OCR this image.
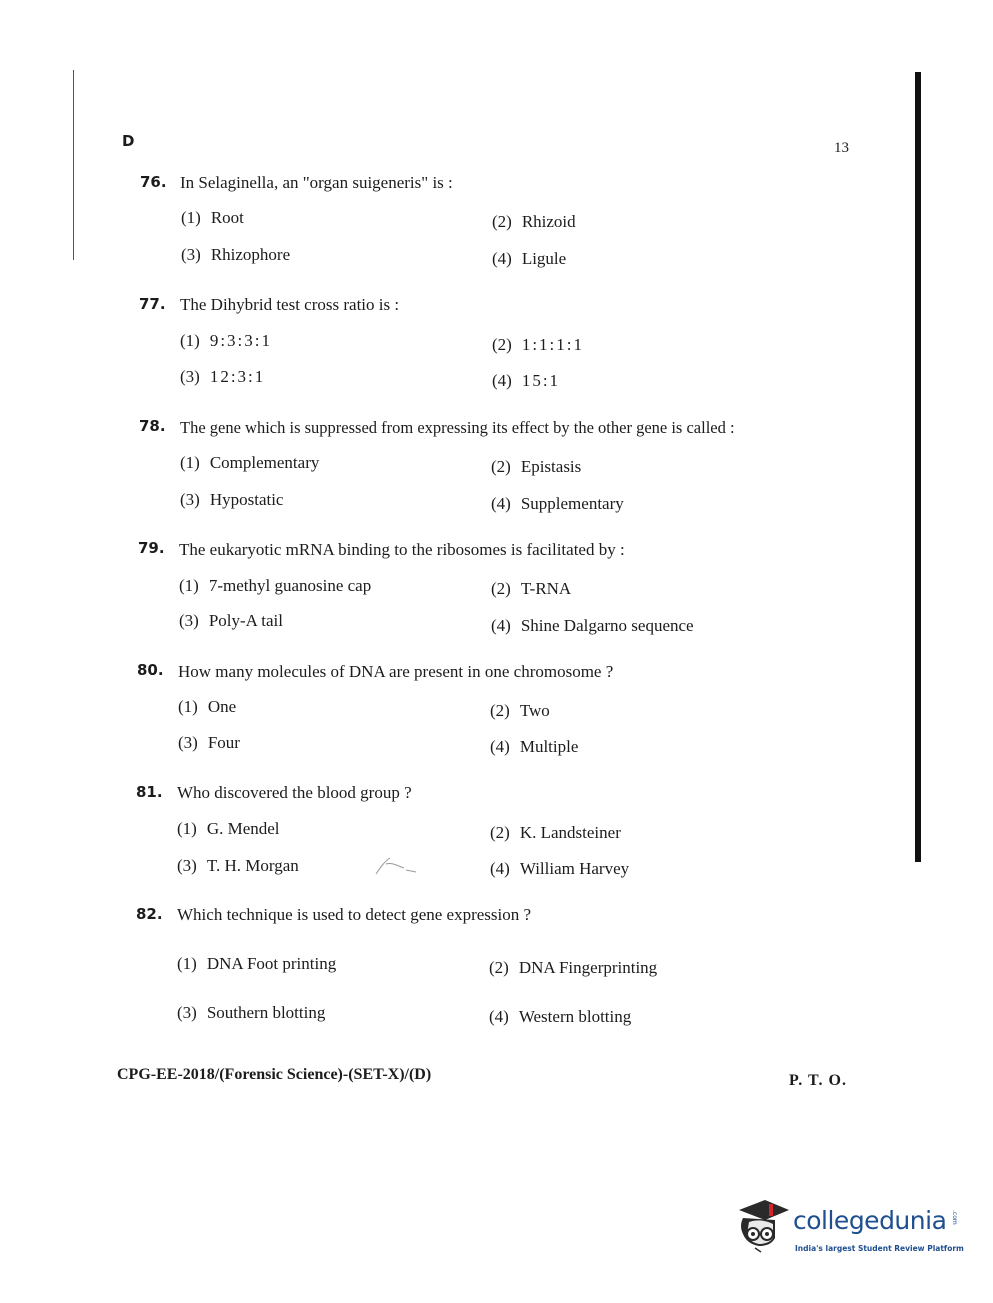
D	13
76. In Selaginella, an "organ suigeneris" is :
(1) Root	(2) Rhizoid
(3) Rhizophore	(4) Ligule
77. The Dihybrid test cross ratio is :
(1) 9:3:3:1	(2) 1:1:1:1
(3) 12:3:1	(4) 15:1
78. The gene which is suppressed from expressing its effect by the other gene is called :
(1) Complementary	(2) Epistasis
(3) Hypostatic	(4) Supplementary
79. The eukaryotic mRNA binding to the ribosomes is facilitated by :
(1) 7-methyl guanosine cap	(2) T-RNA
(3) Poly-A tail	(4) Shine Dalgarno sequence
80. How many molecules of DNA are present in one chromosome ?
(1) One	(2) Two
(3) Four	(4) Multiple
81. Who discovered the blood group ?
(1) G. Mendel	(2) K. Landsteiner
(3) T. H. Morgan	(4) William Harvey
82. Which technique is used to detect gene expression ?
(1) DNA Foot printing	(2) DNA Fingerprinting
(3) Southern blotting	(4) Western blotting
CPG-EE-2018/(Forensic Science)-(SET-X)/(D)	P. T. O.
collegedunia .com
India's largest Student Review Platform
